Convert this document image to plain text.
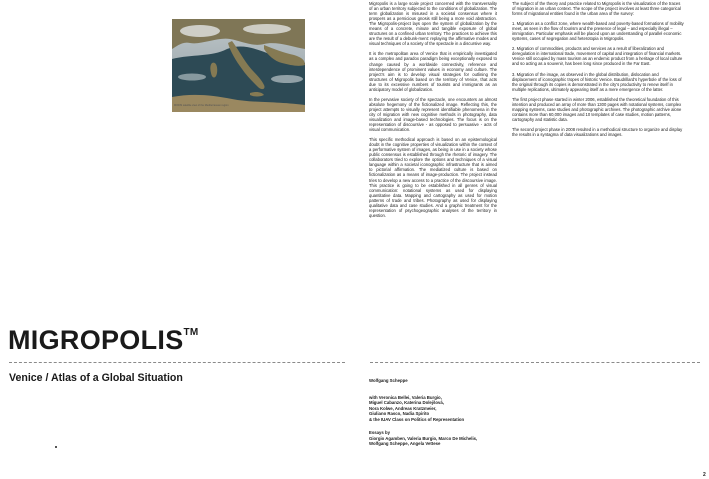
MODIS satellite view of the Mediterranean region

Migropolis is a large scale project concerned with the transversality of an urban territory subjected to the conditions of globalization. The term globalization is misused in a societal consensus where it prospers as a pernicious gnosis still being a more void abstraction. The Migropolis-project lays open the system of globalization by the means of a concrete, minute and tangible exposure of global structures on a confined urban territory. The practices to achieve this are the result of a debunk-ment: replaying the affirmative modes and visual techniques of a society of the spectacle in a discursive way.

It is the metropolitan area of Venice that is empirically investigated as a complex and paradox paradigm being exceptionally exposed to change caused by a worldwide connectivity, reference and interdependence of prominent values in economy and culture. The project's aim is to develop visual strategies for outlining the structures of Migropolis based on the territory of Venice, that acts due to its excessive numbers of tourists and immigrants as an anticipatory model of globalization.

In the pervasive society of the spectacle, one encounters an almost absolute hegemony of the fictionalized image. Reflecting this, the project attempts to visually represent identifiable phenomena in the city of migration with new cognitive methods in photography, data visualization and image-based technologies. The focus is on the representation of discoursive - as opposed to persuasive - acts of visual communication.

This specific methodical approach is based on an epistemological doubt in the cognitive properties of visualization within the context of a performative system of images, as being in use in a society whose public consensus is established through the rhetoric of imagery. The collaborators tried to explore the options and techniques of a visual language within a societal iconographic infrastructure that is aimed to pictorial affirmation. The mediatized culture is based on fictionalization as a means of image-production. The project instead tries to develop a new access to a practice of the discoursive image. This practice is going to be established in all genres of visual communication: notational systems as used for displaying quantitative data. Mapping and cartography as used for motion patterns of trade and tribes. Photography as used for displaying qualitative data and case studies. And a graphic treatment for the representation of psychogeographic analyses of the territory in question.

The subject of the theory and practice related to Migropolis is the visualization of the traces of migration in an urban context. The scope of the project involves at least three categorical forms of migrational entities found in the urban area of the survey:

1. Migration as a conflict zone, where wealth-based and poverty-based formations of mobility meet, as seen in the flow of tourism and the presence of legal – and especially illegal – immigration. Particular emphasis will be placed upon an understanding of parallel economic systems, cases of segregation and heterotopia in Migropolis.

2. Migration of commodities, products and services as a result of liberalization and deregulation in international trade, movement of capital and integration of financial markets. Venice still occupied by mass tourism as an endemic product from a heritage of local culture and so acting as a souvenir, has been long since produced in the Far East.

3. Migration of the image, as observed in the global distribution, dislocation and displacement of iconographic tropes of historic Venice. Baudrillard's hyperbole of the loss of the original through its copies is demonstrated in the city's productivity to renew itself in multiple replications, ultimately appearing itself as a mere emergence of the latter.

The first project phase started in winter 2006, established the theoretical foundation of this intention and produced an array of more than 1300 pages with notational systems, complex mapping systems, case studies and photographic archives. The photographic archive alone contains more than 60,000 images and 10 templates of case studies, motion patterns, cartography and statistic data.

The second project phase in 2008 resulted in a methodical structure to organize and display the results in a syntagma of data visualizations and images.

MIGROPOLIS™
Venice / Atlas of a Global Situation	Wolfgang Scheppe
with Veronica Bellei, Valeria Burgio,
Miguel Cabanzo, Katerina Dolejšová,
Nora Kolwe, Andreas Kratzmeier,
Giuliano Rasco, Nadia Spirito
& the IUAV Class on Politics of Representation
Essays by
Giorgio Agamben, Valeria Burgio, Marco De Michelis,
Wolfgang Scheppe, Angela Vettese
2
